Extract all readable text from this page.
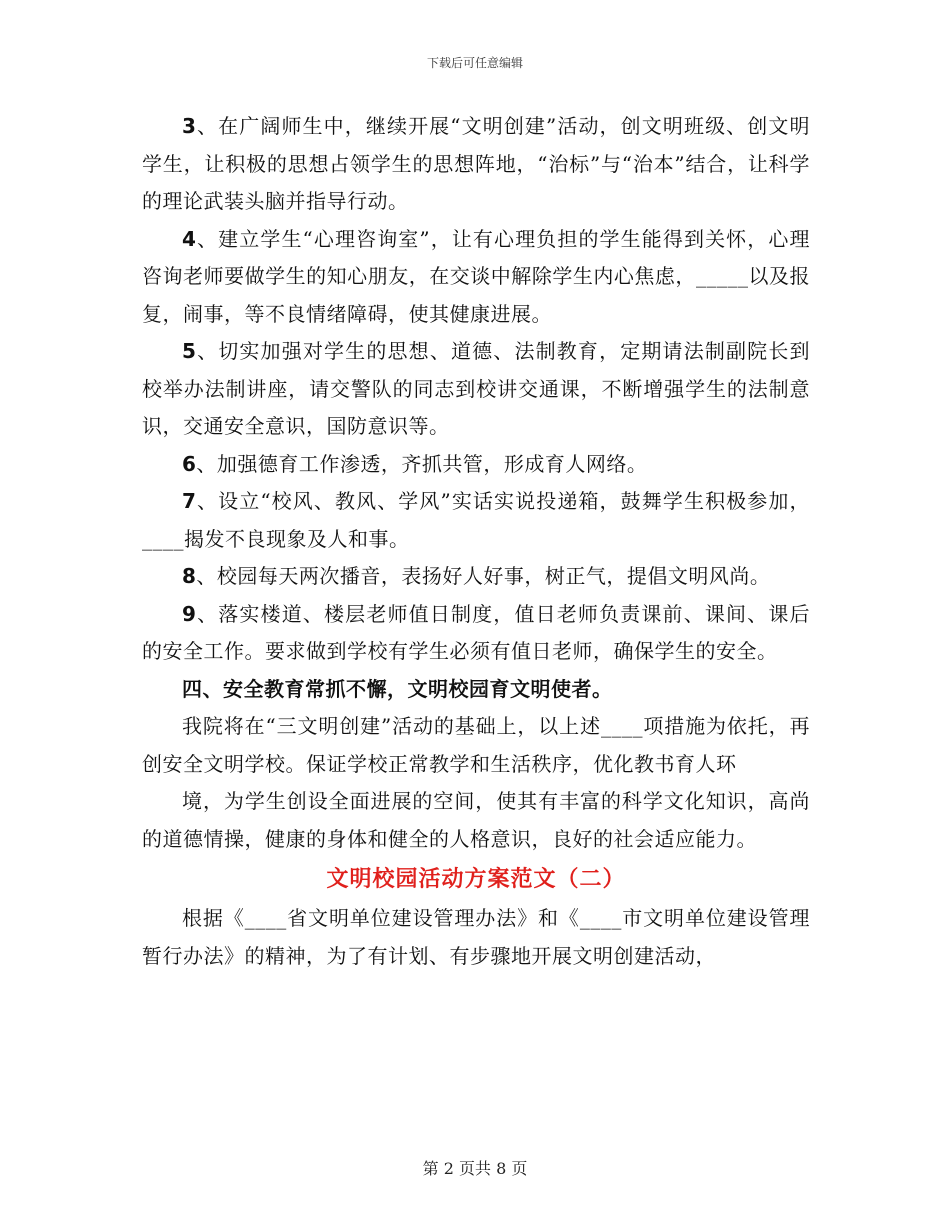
下载后可任意编辑

3、在广阔师生中，继续开展“文明创建”活动，创文明班级、创文明学生，让积极的思想占领学生的思想阵地，“治标”与“治本”结合，让科学的理论武装头脑并指导行动。

4、建立学生“心理咨询室”，让有心理负担的学生能得到关怀，心理咨询老师要做学生的知心朋友，在交谈中解除学生内心焦虑，_____以及报复，闹事，等不良情绪障碍，使其健康进展。

5、切实加强对学生的思想、道德、法制教育，定期请法制副院长到校举办法制讲座，请交警队的同志到校讲交通课，不断增强学生的法制意识，交通安全意识，国防意识等。

6、加强德育工作渗透，齐抓共管，形成育人网络。

7、设立“校风、教风、学风”实话实说投递箱，鼓舞学生积极参加，____揭发不良现象及人和事。

8、校园每天两次播音，表扬好人好事，树正气，提倡文明风尚。

9、落实楼道、楼层老师值日制度，值日老师负责课前、课间、课后的安全工作。要求做到学校有学生必须有值日老师，确保学生的安全。

四、安全教育常抓不懈，文明校园育文明使者。

我院将在“三文明创建”活动的基础上，以上述____项措施为依托，再创安全文明学校。保证学校正常教学和生活秩序，优化教书育人环

境，为学生创设全面进展的空间，使其有丰富的科学文化知识，高尚的道德情操，健康的身体和健全的人格意识，良好的社会适应能力。

文明校园活动方案范文（二）

根据《____省文明单位建设管理办法》和《____市文明单位建设管理暂行办法》的精神，为了有计划、有步骤地开展文明创建活动，

第 2 页共 8 页
